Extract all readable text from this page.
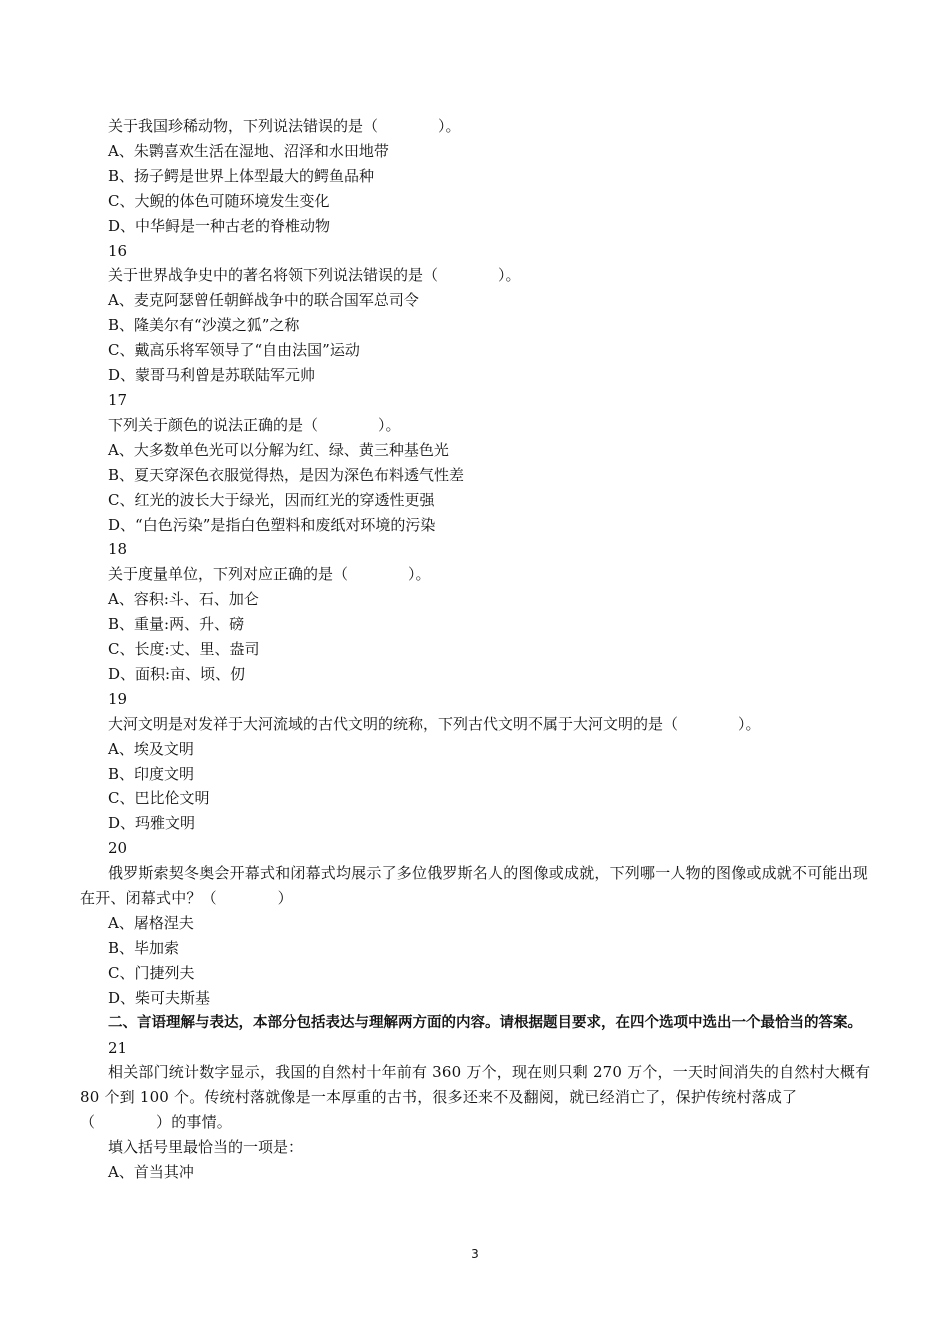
关于我国珍稀动物，下列说法错误的是（　　　　）。
A、朱鹮喜欢生活在湿地、沼泽和水田地带
B、扬子鳄是世界上体型最大的鳄鱼品种
C、大鲵的体色可随环境发生变化
D、中华鲟是一种古老的脊椎动物
16
关于世界战争史中的著名将领下列说法错误的是（　　　　）。
A、麦克阿瑟曾任朝鲜战争中的联合国军总司令
B、隆美尔有“沙漠之狐”之称
C、戴高乐将军领导了“自由法国”运动
D、蒙哥马利曾是苏联陆军元帅
17
下列关于颜色的说法正确的是（　　　　）。
A、大多数单色光可以分解为红、绿、黄三种基色光
B、夏天穿深色衣服觉得热，是因为深色布料透气性差
C、红光的波长大于绿光，因而红光的穿透性更强
D、“白色污染”是指白色塑料和废纸对环境的污染
18
关于度量单位，下列对应正确的是（　　　　）。
A、容积:斗、石、加仑
B、重量:两、升、磅
C、长度:丈、里、盎司
D、面积:亩、顷、仞
19
大河文明是对发祥于大河流域的古代文明的统称，下列古代文明不属于大河文明的是（　　　　）。
A、埃及文明
B、印度文明
C、巴比伦文明
D、玛雅文明
20
俄罗斯索契冬奥会开幕式和闭幕式均展示了多位俄罗斯名人的图像或成就，下列哪一人物的图像或成就不可能出现在开、闭幕式中？（　　　　）
A、屠格涅夫
B、毕加索
C、门捷列夫
D、柴可夫斯基
二、言语理解与表达，本部分包括表达与理解两方面的内容。请根据题目要求，在四个选项中选出一个最恰当的答案。
21
相关部门统计数字显示，我国的自然村十年前有 360 万个，现在则只剩 270 万个，一天时间消失的自然村大概有 80 个到 100 个。传统村落就像是一本厚重的古书，很多还来不及翻阅，就已经消亡了，保护传统村落成了（　　　　）的事情。
填入括号里最恰当的一项是：
A、首当其冲
3
